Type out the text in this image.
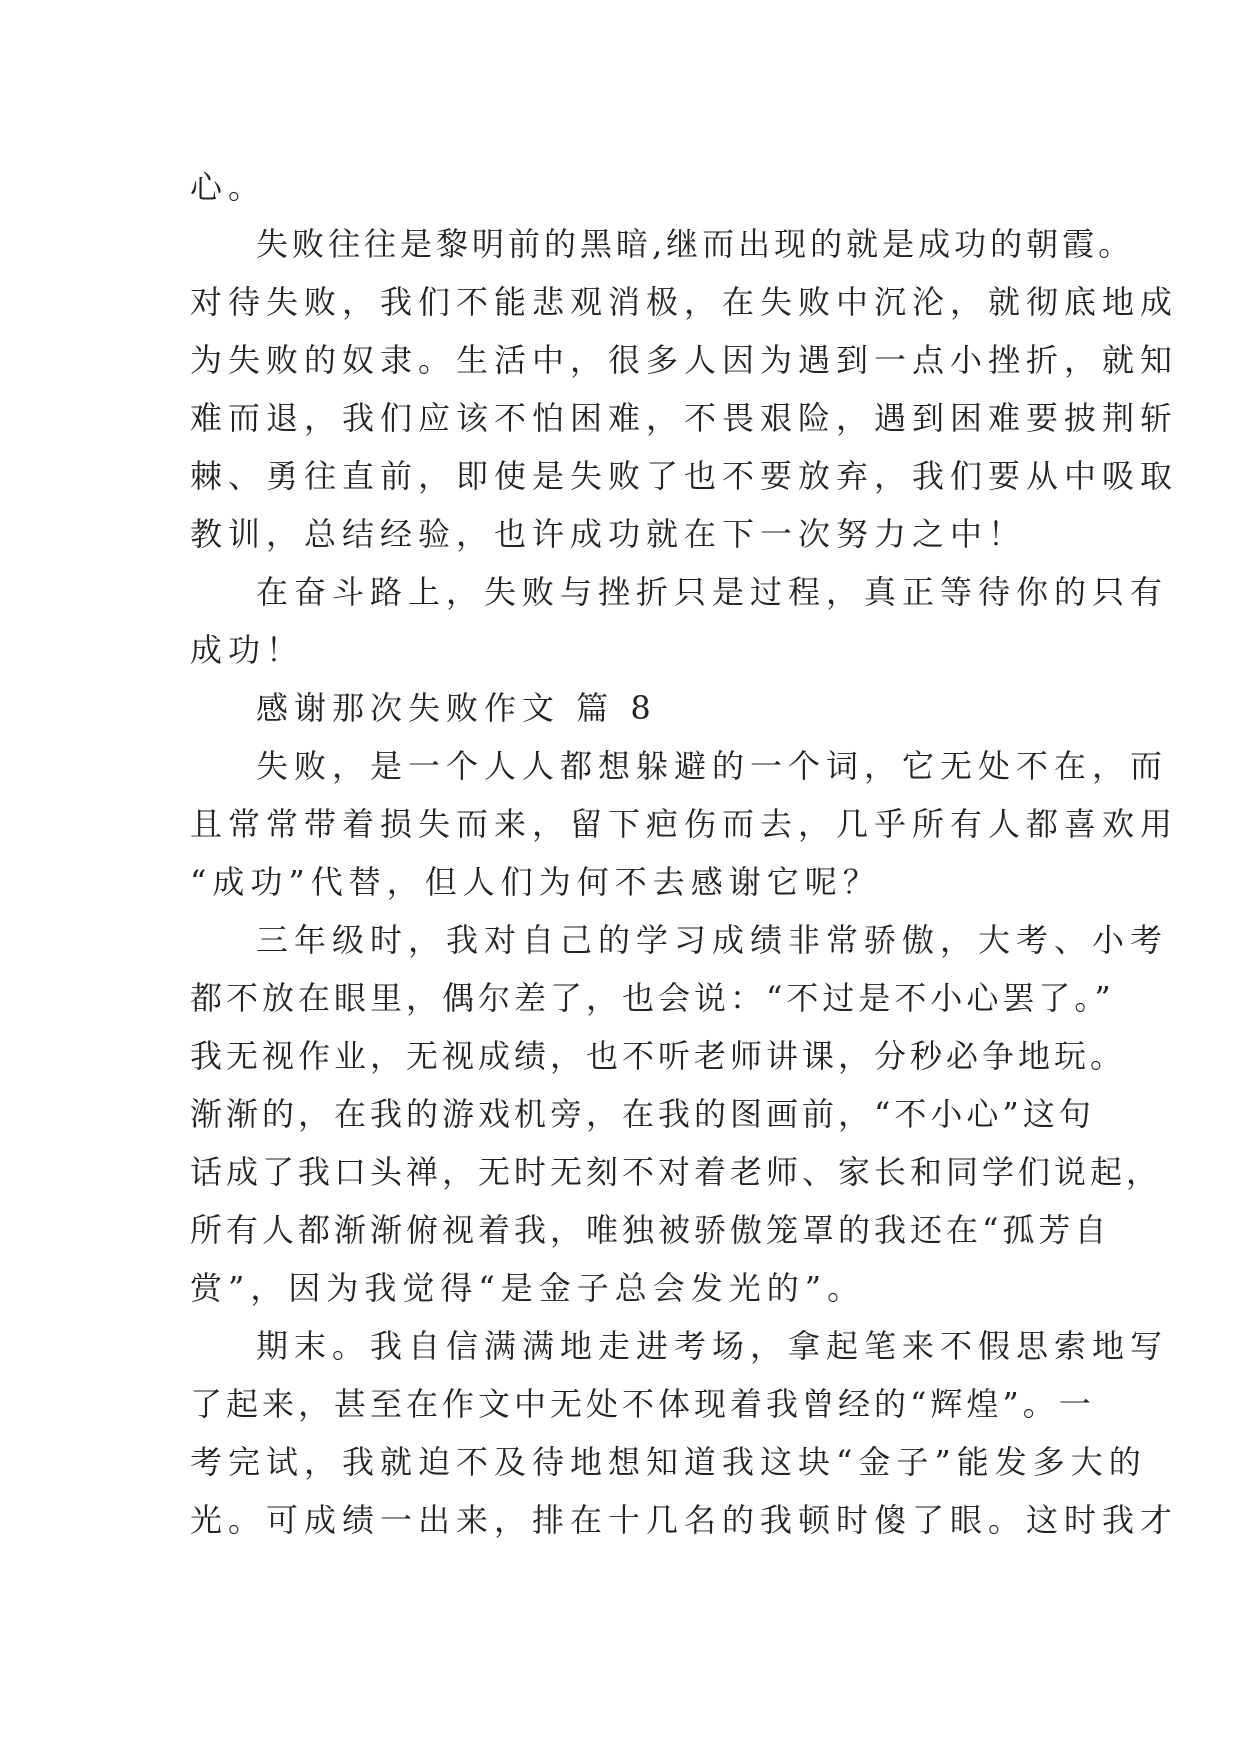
心。

失败往往是黎明前的黑暗,继而出现的就是成功的朝霞。

对待失败，我们不能悲观消极，在失败中沉沦，就彻底地成

为失败的奴隶。生活中，很多人因为遇到一点小挫折，就知

难而退，我们应该不怕困难，不畏艰险，遇到困难要披荆斩

棘、勇往直前，即使是失败了也不要放弃，我们要从中吸取

教训，总结经验，也许成功就在下一次努力之中！

在奋斗路上，失败与挫折只是过程，真正等待你的只有

成功！

感谢那次失败作文 篇 8

失败，是一个人人都想躲避的一个词，它无处不在，而

且常常带着损失而来，留下疤伤而去，几乎所有人都喜欢用

“成功”代替，但人们为何不去感谢它呢？

三年级时，我对自己的学习成绩非常骄傲，大考、小考

都不放在眼里，偶尔差了，也会说：“不过是不小心罢了。”

我无视作业，无视成绩，也不听老师讲课，分秒必争地玩。

渐渐的，在我的游戏机旁，在我的图画前，“不小心”这句

话成了我口头禅，无时无刻不对着老师、家长和同学们说起，

所有人都渐渐俯视着我，唯独被骄傲笼罩的我还在“孤芳自

赏”，因为我觉得“是金子总会发光的”。

期末。我自信满满地走进考场，拿起笔来不假思索地写

了起来，甚至在作文中无处不体现着我曾经的“辉煌”。一

考完试，我就迫不及待地想知道我这块“金子”能发多大的

光。可成绩一出来，排在十几名的我顿时傻了眼。这时我才
